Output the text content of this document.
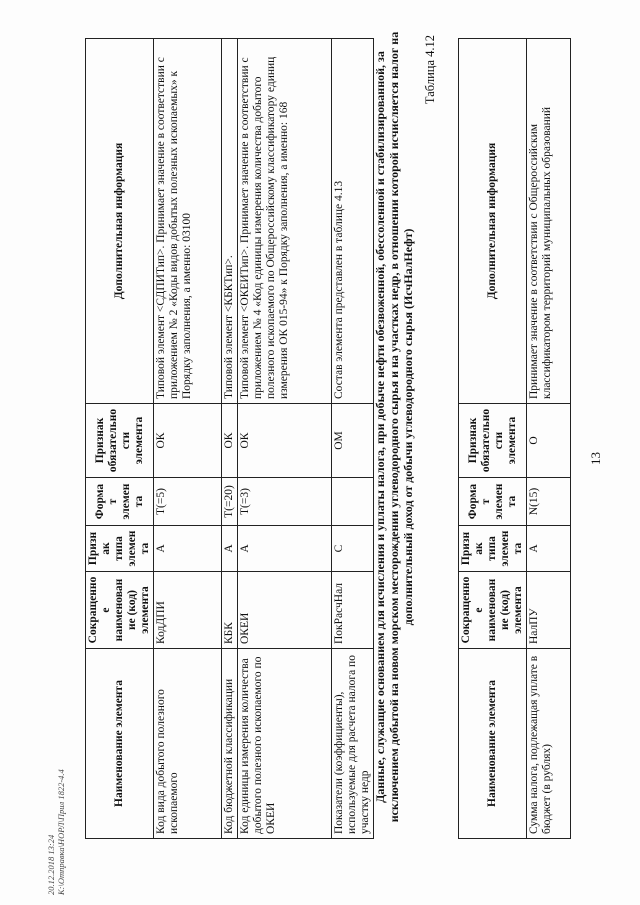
13
Наименование элемента	Сокращенное наименование (код) элемента	Признак типа элемента	Формат элемента	Признак обязательности элемента	Дополнительная информация
Сумма налога, подлежащая уплате в бюджет (в рублях)	НалПУ	А	N(15)	О	Принимает значение в соответствии с Общероссийским классификатором территорий муниципальных образований
Таблица 4.12
Данные, служащие основанием для исчисления и уплаты налога, при добыче нефти обезвоженной, обессоленной и стабилизированной, за исключением добытой на новом морском месторождении углеводородного сырья и на участках недр, в отношении которой исчисляется налог на дополнительный доход от добычи углеводородного сырья (ИсчНалНефт)
Наименование элемента	Сокращенное наименование (код) элемента	Признак типа элемента	Формат элемента	Признак обязательности элемента	Дополнительная информация
Код вида добытого полезного ископаемого	КодДПИ	А	T(=5)	ОК	Типовой элемент <СДПИТип>. Принимает значение в соответствии с приложением № 2 «Коды видов добытых полезных ископаемых» к Порядку заполнения, а именно: 03100
Код бюджетной классификации	КБК	А	T(=20)	ОК	Типовой элемент <КБКТип>.
Код единицы измерения количества добытого полезного ископаемого по ОКЕИ	ОКЕИ	А	T(=3)	ОК	Типовой элемент <ОКЕИТип>. Принимает значение в соответствии с приложением № 4 «Код единицы измерения количества добытого полезного ископаемого по Общероссийскому классификатору единиц измерения ОК 015-94» к Порядку заполнения, а именно: 168
Показатели (коэффициенты), используемые для расчета налога по участку недр	ПокРасчНал	С		ОМ	Состав элемента представлен в таблице 4.13
20.12.2018 13:24 К:\Отправка\НОРЛ\Прил 1822-4.4
